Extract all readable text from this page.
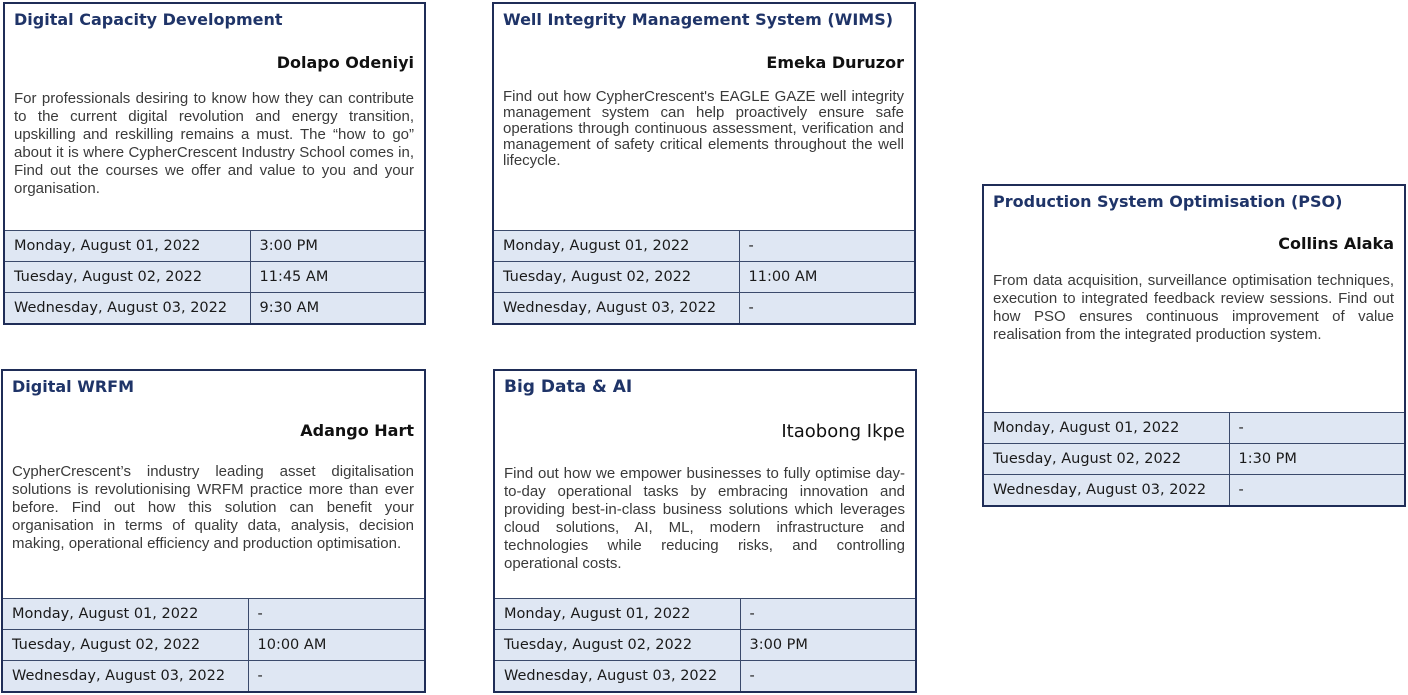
Digital Capacity Development
Dolapo Odeniyi

For professionals desiring to know how they can contribute to the current digital revolution and energy transition, upskilling and reskilling remains a must. The “how to go” about it is where CypherCrescent Industry School comes in, Find out the courses we offer and value to you and your organisation.

Monday, August 01, 2022	3:00 PM
Tuesday, August 02, 2022	11:45 AM
Wednesday, August 03, 2022	9:30 AM
Well Integrity Management System (WIMS)
Emeka Duruzor

Find out how CypherCrescent's EAGLE GAZE well integrity management system can help proactively ensure safe operations through continuous assessment, verification and management of safety critical elements throughout the well lifecycle.

Monday, August 01, 2022	-
Tuesday, August 02, 2022	11:00 AM
Wednesday, August 03, 2022	-
Production System Optimisation (PSO)
Collins Alaka

From data acquisition, surveillance optimisation techniques, execution to integrated feedback review sessions. Find out how PSO ensures continuous improvement of value realisation from the integrated production system.

Monday, August 01, 2022	-
Tuesday, August 02, 2022	1:30 PM
Wednesday, August 03, 2022	-
Digital WRFM
Adango Hart

CypherCrescent’s industry leading asset digitalisation solutions is revolutionising WRFM practice more than ever before. Find out how this solution can benefit your organisation in terms of quality data, analysis, decision making, operational efficiency and production optimisation.

Monday, August 01, 2022	-
Tuesday, August 02, 2022	10:00 AM
Wednesday, August 03, 2022	-
Big Data & AI
Itaobong Ikpe

Find out how we empower businesses to fully optimise day-to-day operational tasks by embracing innovation and providing best-in-class business solutions which leverages cloud solutions, AI, ML, modern infrastructure and technologies while reducing risks, and controlling operational costs.

Monday, August 01, 2022	-
Tuesday, August 02, 2022	3:00 PM
Wednesday, August 03, 2022	-
